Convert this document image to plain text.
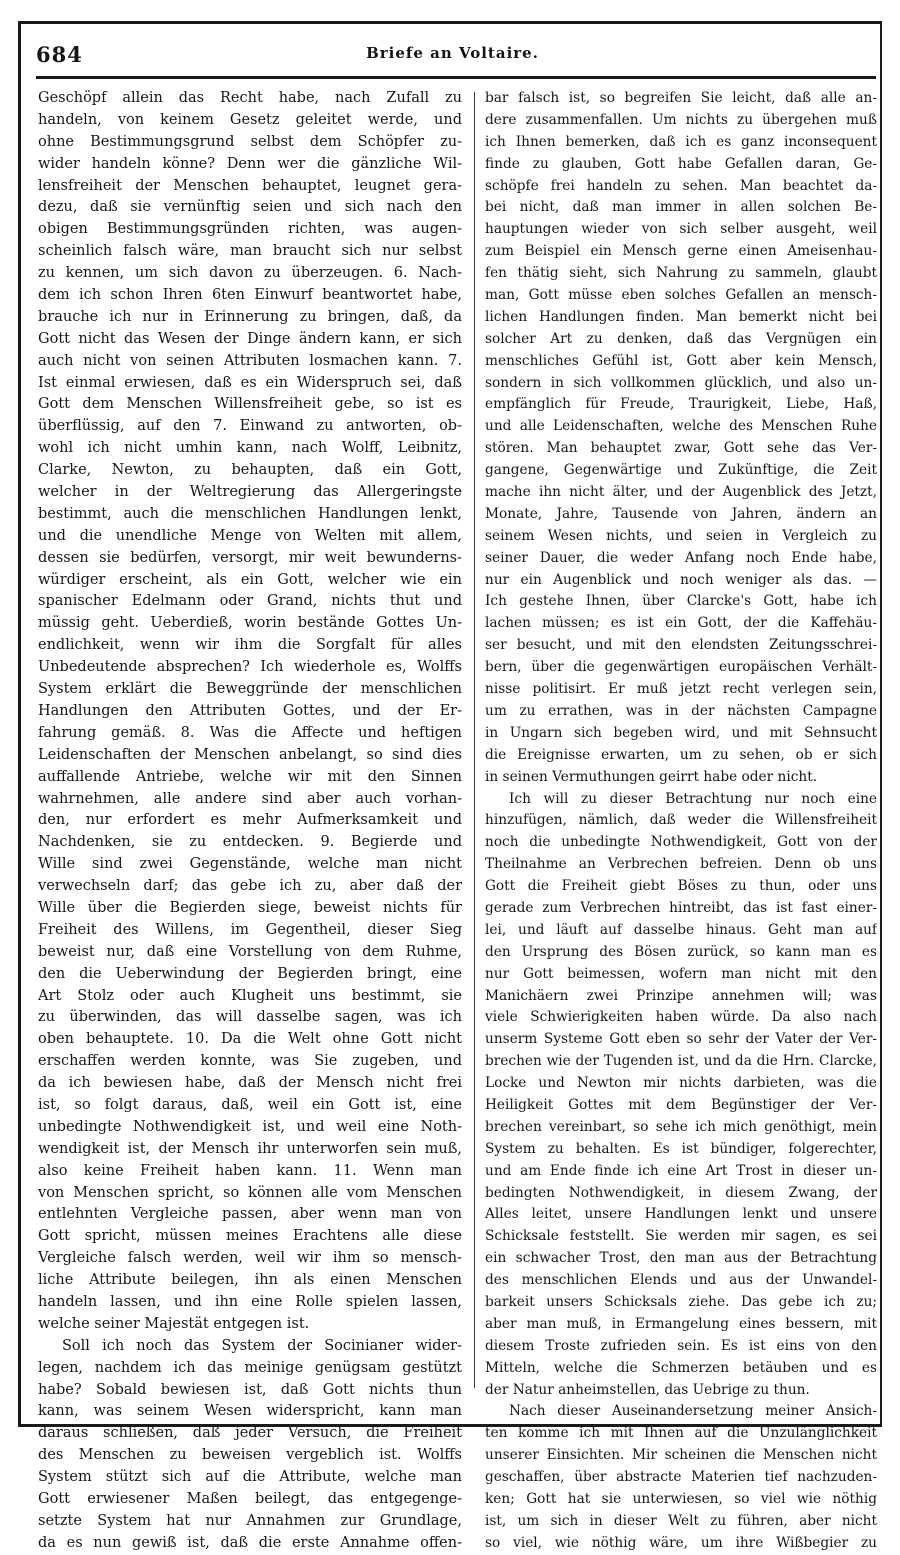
684	Briefe an Voltaire.
Geschöpf allein das Recht habe, nach Zufall zu
handeln, von keinem Gesetz geleitet werde, und
ohne Bestimmungsgrund selbst dem Schöpfer zu-
wider handeln könne? Denn wer die gänzliche Wil-
lensfreiheit der Menschen behauptet, leugnet gera-
dezu, daß sie vernünftig seien und sich nach den
obigen Bestimmungsgründen richten, was augen-
scheinlich falsch wäre, man braucht sich nur selbst
zu kennen, um sich davon zu überzeugen. 6. Nach-
dem ich schon Ihren 6ten Einwurf beantwortet habe,
brauche ich nur in Erinnerung zu bringen, daß, da
Gott nicht das Wesen der Dinge ändern kann, er sich
auch nicht von seinen Attributen losmachen kann. 7.
Ist einmal erwiesen, daß es ein Widerspruch sei, daß
Gott dem Menschen Willensfreiheit gebe, so ist es
überflüssig, auf den 7. Einwand zu antworten, ob-
wohl ich nicht umhin kann, nach Wolff, Leibnitz,
Clarke, Newton, zu behaupten, daß ein Gott,
welcher in der Weltregierung das Allergeringste
bestimmt, auch die menschlichen Handlungen lenkt,
und die unendliche Menge von Welten mit allem,
dessen sie bedürfen, versorgt, mir weit bewunderns-
würdiger erscheint, als ein Gott, welcher wie ein
spanischer Edelmann oder Grand, nichts thut und
müssig geht. Ueberdieß, worin bestände Gottes Un-
endlichkeit, wenn wir ihm die Sorgfalt für alles
Unbedeutende absprechen? Ich wiederhole es, Wolffs
System erklärt die Beweggründe der menschlichen
Handlungen den Attributen Gottes, und der Er-
fahrung gemäß. 8. Was die Affecte und heftigen
Leidenschaften der Menschen anbelangt, so sind dies
auffallende Antriebe, welche wir mit den Sinnen
wahrnehmen, alle andere sind aber auch vorhan-
den, nur erfordert es mehr Aufmerksamkeit und
Nachdenken, sie zu entdecken. 9. Begierde und
Wille sind zwei Gegenstände, welche man nicht
verwechseln darf; das gebe ich zu, aber daß der
Wille über die Begierden siege, beweist nichts für
Freiheit des Willens, im Gegentheil, dieser Sieg
beweist nur, daß eine Vorstellung von dem Ruhme,
den die Ueberwindung der Begierden bringt, eine
Art Stolz oder auch Klugheit uns bestimmt, sie
zu überwinden, das will dasselbe sagen, was ich
oben behauptete. 10. Da die Welt ohne Gott nicht
erschaffen werden konnte, was Sie zugeben, und
da ich bewiesen habe, daß der Mensch nicht frei
ist, so folgt daraus, daß, weil ein Gott ist, eine
unbedingte Nothwendigkeit ist, und weil eine Noth-
wendigkeit ist, der Mensch ihr unterworfen sein muß,
also keine Freiheit haben kann. 11. Wenn man
von Menschen spricht, so können alle vom Menschen
entlehnten Vergleiche passen, aber wenn man von
Gott spricht, müssen meines Erachtens alle diese
Vergleiche falsch werden, weil wir ihm so mensch-
liche Attribute beilegen, ihn als einen Menschen
handeln lassen, und ihn eine Rolle spielen lassen,
welche seiner Majestät entgegen ist.
Soll ich noch das System der Socinianer wider-
legen, nachdem ich das meinige genügsam gestützt
habe? Sobald bewiesen ist, daß Gott nichts thun
kann, was seinem Wesen widerspricht, kann man
daraus schließen, daß jeder Versuch, die Freiheit
des Menschen zu beweisen vergeblich ist. Wolffs
System stützt sich auf die Attribute, welche man
Gott erwiesener Maßen beilegt, das entgegenge-
setzte System hat nur Annahmen zur Grundlage,
da es nun gewiß ist, daß die erste Annahme offen-
bar falsch ist, so begreifen Sie leicht, daß alle an-
dere zusammenfallen. Um nichts zu übergehen muß
ich Ihnen bemerken, daß ich es ganz inconsequent
finde zu glauben, Gott habe Gefallen daran, Ge-
schöpfe frei handeln zu sehen. Man beachtet da-
bei nicht, daß man immer in allen solchen Be-
hauptungen wieder von sich selber ausgeht, weil
zum Beispiel ein Mensch gerne einen Ameisenhau-
fen thätig sieht, sich Nahrung zu sammeln, glaubt
man, Gott müsse eben solches Gefallen an mensch-
lichen Handlungen finden. Man bemerkt nicht bei
solcher Art zu denken, daß das Vergnügen ein
menschliches Gefühl ist, Gott aber kein Mensch,
sondern in sich vollkommen glücklich, und also un-
empfänglich für Freude, Traurigkeit, Liebe, Haß,
und alle Leidenschaften, welche des Menschen Ruhe
stören. Man behauptet zwar, Gott sehe das Ver-
gangene, Gegenwärtige und Zukünftige, die Zeit
mache ihn nicht älter, und der Augenblick des Jetzt,
Monate, Jahre, Tausende von Jahren, ändern an
seinem Wesen nichts, und seien in Vergleich zu
seiner Dauer, die weder Anfang noch Ende habe,
nur ein Augenblick und noch weniger als das. —
Ich gestehe Ihnen, über Clarcke's Gott, habe ich
lachen müssen; es ist ein Gott, der die Kaffehäu-
ser besucht, und mit den elendsten Zeitungsschrei-
bern, über die gegenwärtigen europäischen Verhält-
nisse politisirt. Er muß jetzt recht verlegen sein,
um zu errathen, was in der nächsten Campagne
in Ungarn sich begeben wird, und mit Sehnsucht
die Ereignisse erwarten, um zu sehen, ob er sich
in seinen Vermuthungen geirrt habe oder nicht.
Ich will zu dieser Betrachtung nur noch eine
hinzufügen, nämlich, daß weder die Willensfreiheit
noch die unbedingte Nothwendigkeit, Gott von der
Theilnahme an Verbrechen befreien. Denn ob uns
Gott die Freiheit giebt Böses zu thun, oder uns
gerade zum Verbrechen hintreibt, das ist fast einer-
lei, und läuft auf dasselbe hinaus. Geht man auf
den Ursprung des Bösen zurück, so kann man es
nur Gott beimessen, wofern man nicht mit den
Manichäern zwei Prinzipe annehmen will; was
viele Schwierigkeiten haben würde. Da also nach
unserm Systeme Gott eben so sehr der Vater der Ver-
brechen wie der Tugenden ist, und da die Hrn. Clarcke,
Locke und Newton mir nichts darbieten, was die
Heiligkeit Gottes mit dem Begünstiger der Ver-
brechen vereinbart, so sehe ich mich genöthigt, mein
System zu behalten. Es ist bündiger, folgerechter,
und am Ende finde ich eine Art Trost in dieser un-
bedingten Nothwendigkeit, in diesem Zwang, der
Alles leitet, unsere Handlungen lenkt und unsere
Schicksale feststellt. Sie werden mir sagen, es sei
ein schwacher Trost, den man aus der Betrachtung
des menschlichen Elends und aus der Unwandel-
barkeit unsers Schicksals ziehe. Das gebe ich zu;
aber man muß, in Ermangelung eines bessern, mit
diesem Troste zufrieden sein. Es ist eins von den
Mitteln, welche die Schmerzen betäuben und es
der Natur anheimstellen, das Uebrige zu thun.
Nach dieser Auseinandersetzung meiner Ansich-
ten komme ich mit Ihnen auf die Unzulänglichkeit
unserer Einsichten. Mir scheinen die Menschen nicht
geschaffen, über abstracte Materien tief nachzuden-
ken; Gott hat sie unterwiesen, so viel wie nöthig
ist, um sich in dieser Welt zu führen, aber nicht
so viel, wie nöthig wäre, um ihre Wißbegier zu
